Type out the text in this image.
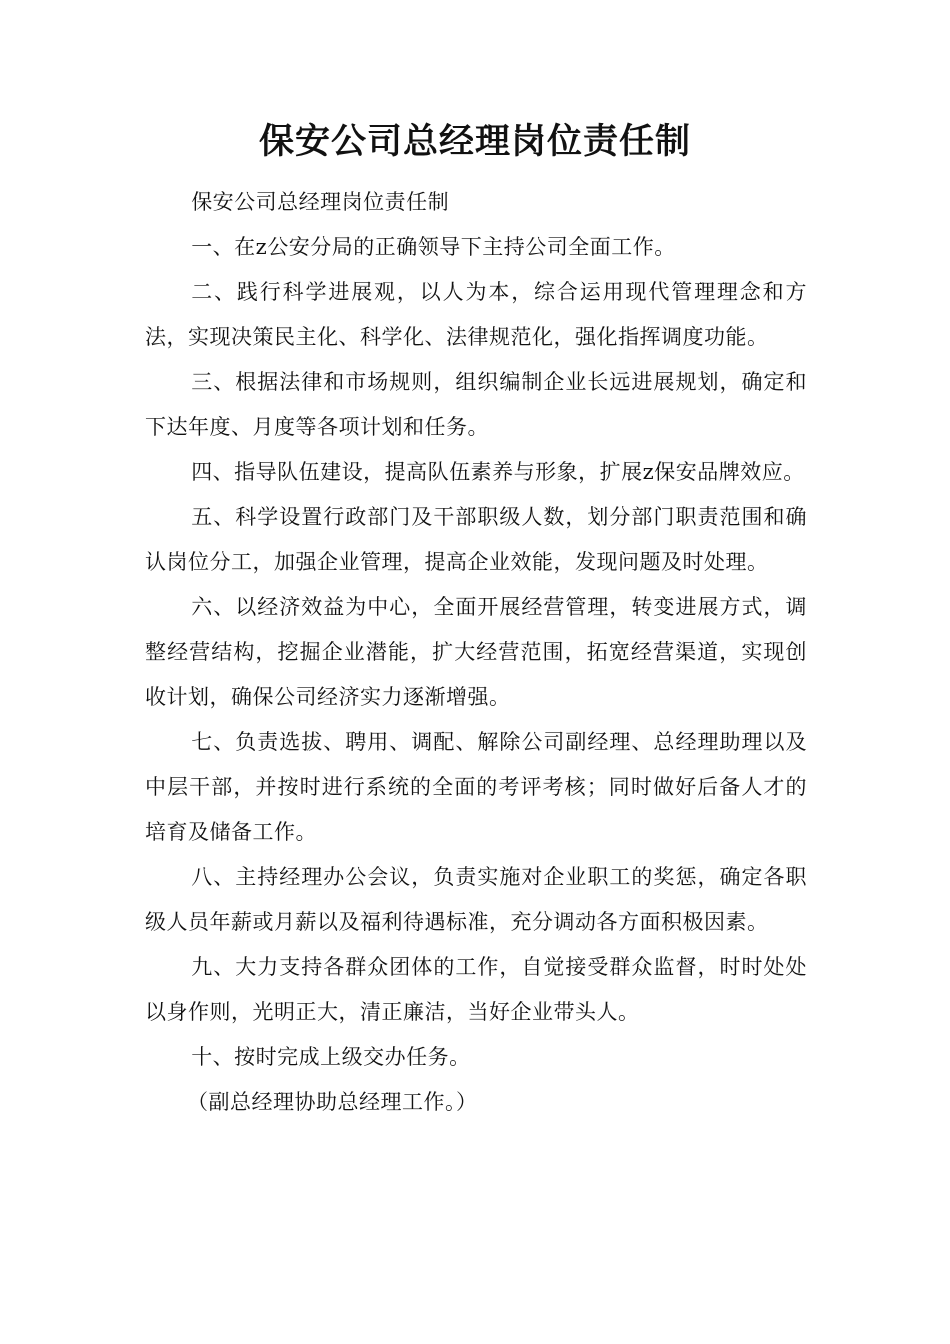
保安公司总经理岗位责任制

保安公司总经理岗位责任制

一、在z公安分局的正确领导下主持公司全面工作。

二、践行科学进展观，以人为本，综合运用现代管理理念和方法，实现决策民主化、科学化、法律规范化，强化指挥调度功能。

三、根据法律和市场规则，组织编制企业长远进展规划，确定和下达年度、月度等各项计划和任务。

四、指导队伍建设，提高队伍素养与形象，扩展z保安品牌效应。

五、科学设置行政部门及干部职级人数，划分部门职责范围和确认岗位分工，加强企业管理，提高企业效能，发现问题及时处理。

六、以经济效益为中心，全面开展经营管理，转变进展方式，调整经营结构，挖掘企业潜能，扩大经营范围，拓宽经营渠道，实现创收计划，确保公司经济实力逐渐增强。

七、负责选拔、聘用、调配、解除公司副经理、总经理助理以及中层干部，并按时进行系统的全面的考评考核；同时做好后备人才的培育及储备工作。

八、主持经理办公会议，负责实施对企业职工的奖惩，确定各职级人员年薪或月薪以及福利待遇标准，充分调动各方面积极因素。

九、大力支持各群众团体的工作，自觉接受群众监督，时时处处以身作则，光明正大，清正廉洁，当好企业带头人。

十、按时完成上级交办任务。

（副总经理协助总经理工作。）
